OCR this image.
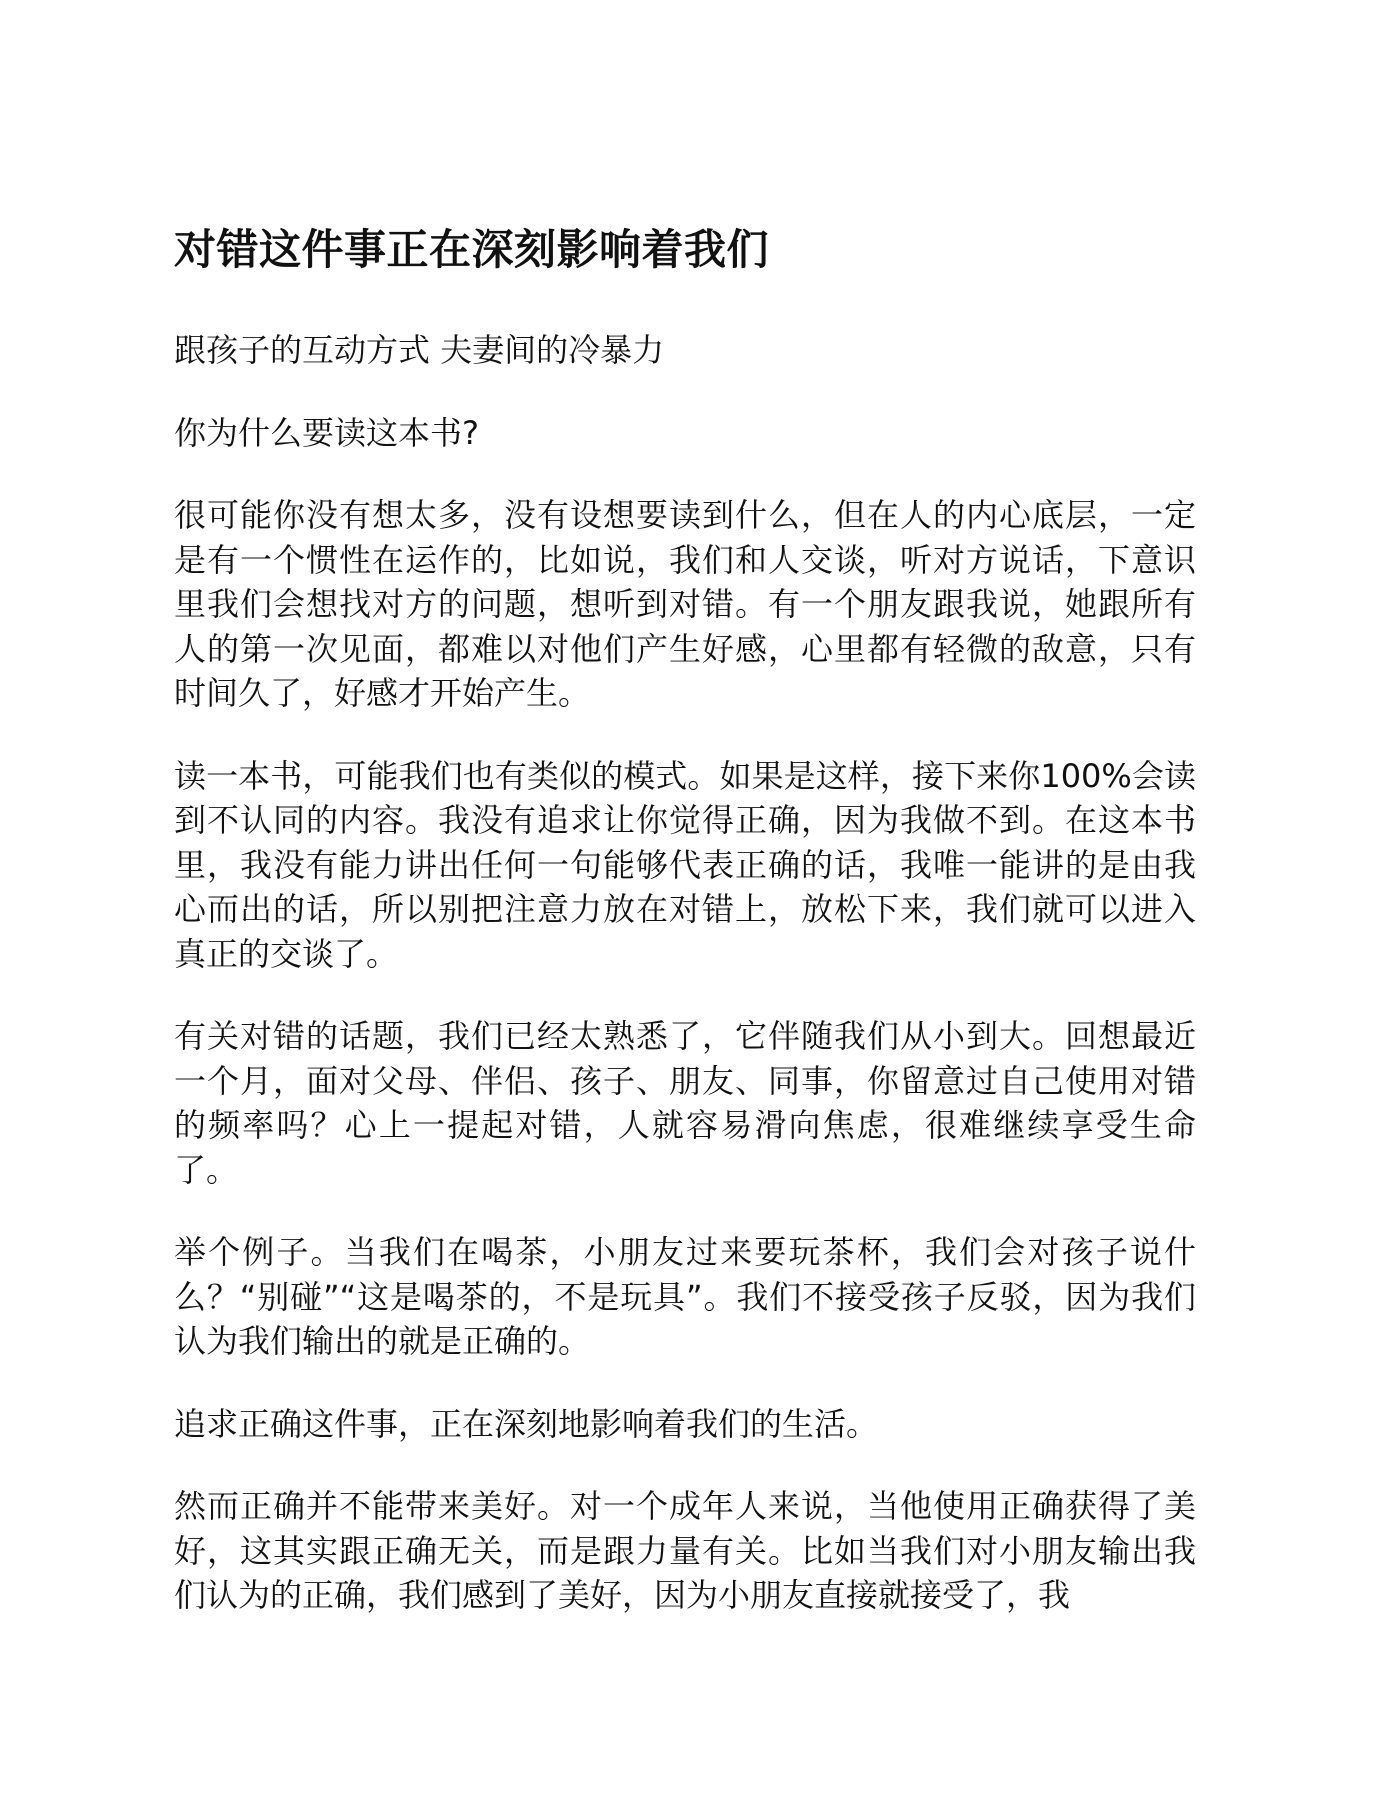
对错这件事正在深刻影响着我们

跟孩子的互动方式 夫妻间的冷暴力

你为什么要读这本书?

很可能你没有想太多，没有设想要读到什么，但在人的内心底层，一定是有一个惯性在运作的，比如说，我们和人交谈，听对方说话，下意识里我们会想找对方的问题，想听到对错。有一个朋友跟我说，她跟所有人的第一次见面，都难以对他们产生好感，心里都有轻微的敌意，只有时间久了，好感才开始产生。

读一本书，可能我们也有类似的模式。如果是这样，接下来你100%会读到不认同的内容。我没有追求让你觉得正确，因为我做不到。在这本书里，我没有能力讲出任何一句能够代表正确的话，我唯一能讲的是由我心而出的话，所以别把注意力放在对错上，放松下来，我们就可以进入真正的交谈了。

有关对错的话题，我们已经太熟悉了，它伴随我们从小到大。回想最近一个月，面对父母、伴侣、孩子、朋友、同事，你留意过自己使用对错的频率吗？心上一提起对错，人就容易滑向焦虑，很难继续享受生命了。

举个例子。当我们在喝茶，小朋友过来要玩茶杯，我们会对孩子说什么？“别碰”“这是喝茶的，不是玩具”。我们不接受孩子反驳，因为我们认为我们输出的就是正确的。

追求正确这件事，正在深刻地影响着我们的生活。

然而正确并不能带来美好。对一个成年人来说，当他使用正确获得了美好，这其实跟正确无关，而是跟力量有关。比如当我们对小朋友输出我们认为的正确，我们感到了美好，因为小朋友直接就接受了，我
